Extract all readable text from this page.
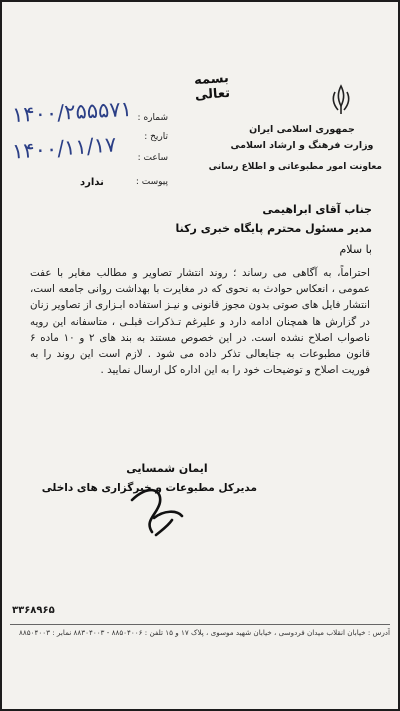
بسمه تعالی
جمهوری اسلامی ایران
وزارت فرهنگ و ارشاد اسلامی
معاونت امور مطبوعاتی و اطلاع رسانی
شماره :
تاریخ :
ساعت :
پیوست :
۱۴۰۰/۲۵۵۵۷۱
۱۴۰۰/۱۱/۱۷
ندارد
جناب آقای ابراهیمی
مدیر مسئول محترم پایگاه خبری رکنا
با سلام
احتراماً، به آگاهی می رساند ؛ روند انتشار تصاویر و مطالب مغایر با عفت عمومی ، انعکاس حوادث به نحوی که در مغایرت با بهداشت روانی جامعه است، انتشار فایل های صوتی بدون مجوز قانونی و نیـز استفاده ابـزاری از تصاویر زنان در گزارش ها همچنان ادامه دارد و علیرغم تـذکرات قبلـی ، متاسفانه این رویه ناصواب اصلاح نشده است. در این خصوص مستند به بند های ۲ و ۱۰ ماده ۶ قانون مطبوعات به جنابعالی تذکر داده می شود . لازم است این روند را به فوریت اصلاح و توضیحات خود را به این اداره کل ارسال نمایید .
ایمان شمسایی
مدیرکل مطبوعات و خبرگزاری های داخلی
۳۳۶۸۹۶۵
آدرس : خیابان انقلاب میدان فردوسی ، خیابان شهید موسوی ، پلاک ۱۷ و ۱۵ تلفن : ۸۸۵۰۴۰۰۶ - ۸۸۳۰۴۰۰۳ نمابر : ۸۸۵۰۴۰۰۳
